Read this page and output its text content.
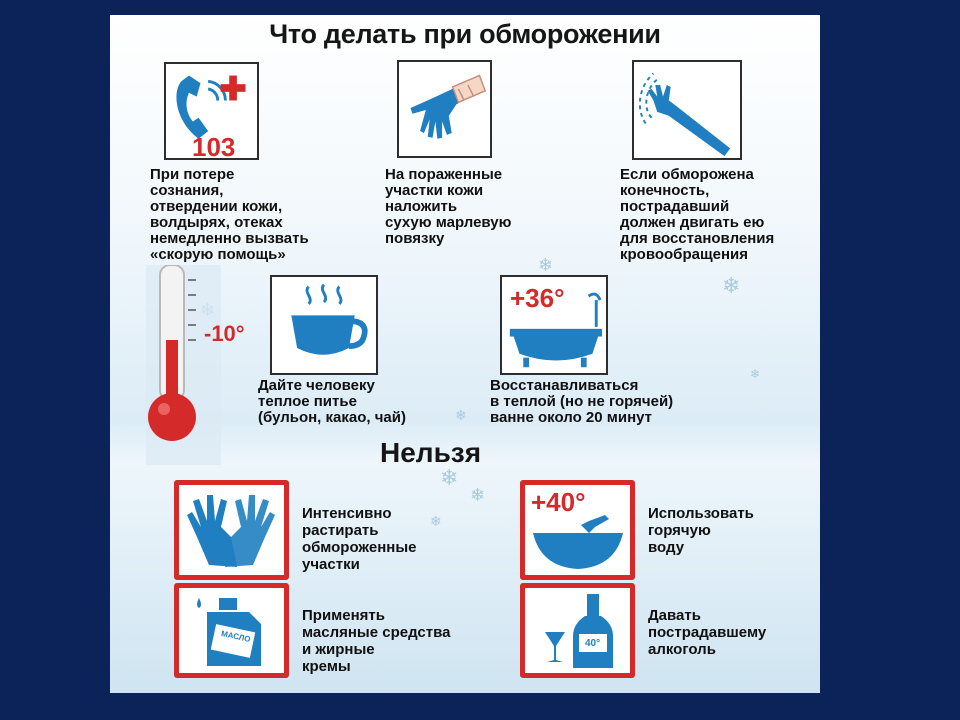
Что делать при обморожении
❄
❄
❄
❄
❄
❄
❄
103
При потере
сознания,
отвердении кожи,
волдырях, отеках
немедленно вызвать
«скорую помощь»
На пораженные
участки кожи
наложить
сухую марлевую
повязку
Если обморожена
конечность,
пострадавший
должен двигать ею
для восстановления
кровообращения
-10°
Дайте человеку
теплое питье
(бульон, какао, чай)
+36°
Восстанавливаться
в теплой (но не горячей)
ванне около 20 минут
Нельзя
Интенсивно
растирать
обмороженные
участки
+40°	Использовать
горячую
воду
МАСЛО
Применять
масляные средства
и жирные
кремы
40°
Давать
пострадавшему
алкоголь
